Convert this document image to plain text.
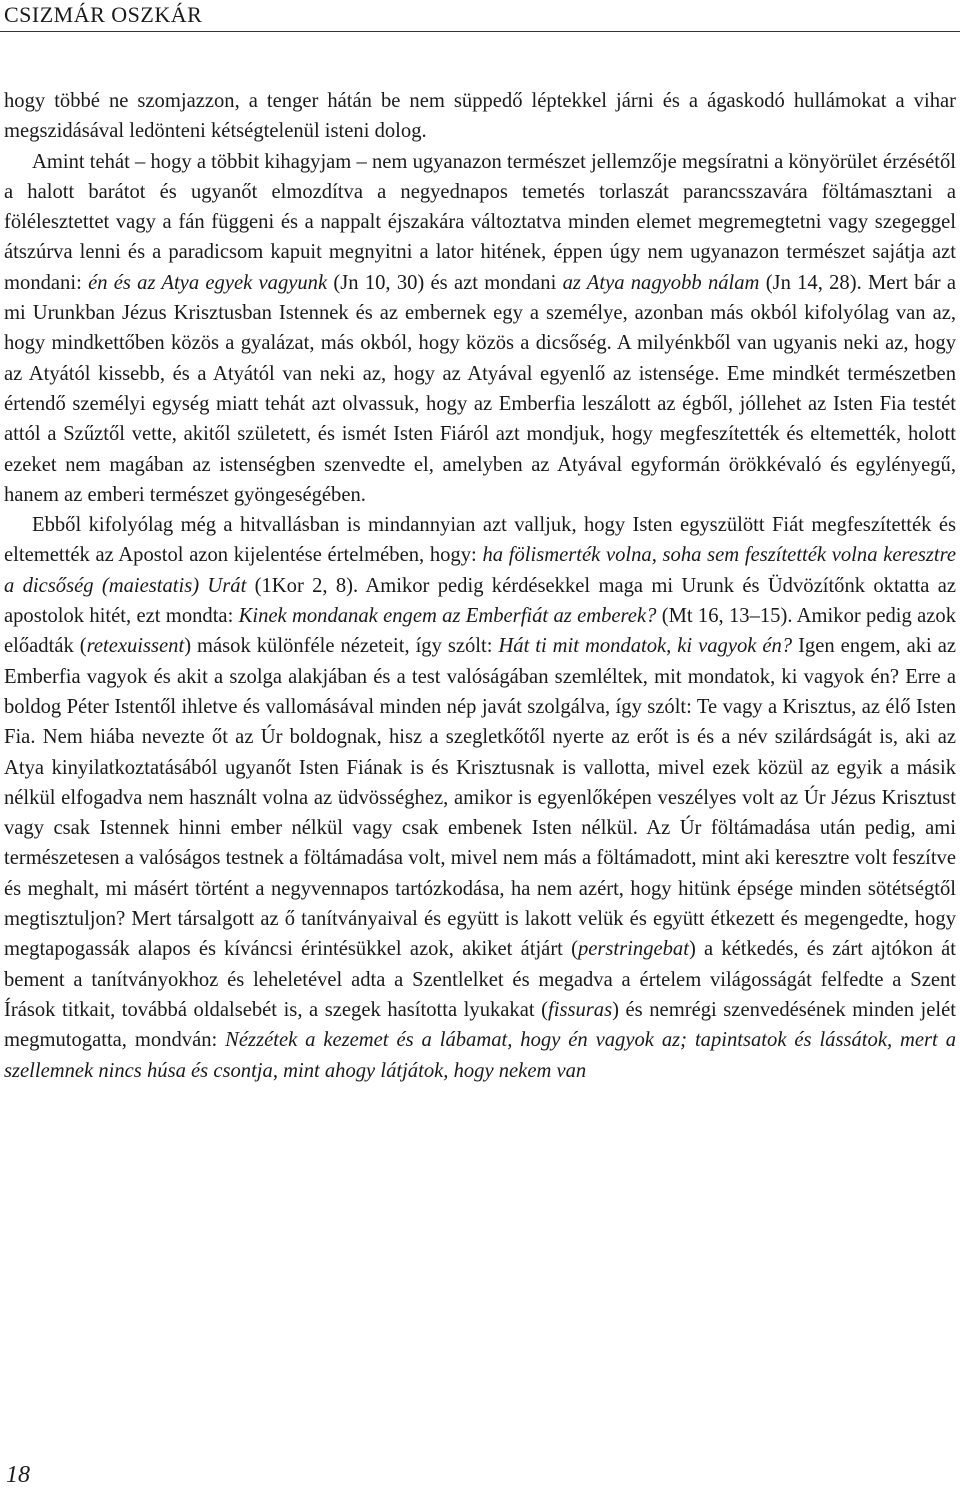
CSIZMÁR OSZKÁR

hogy többé ne szomjazzon, a tenger hátán be nem süppedő léptekkel járni és a ágaskodó hullámokat a vihar megszidásával ledönteni kétségtelenül isteni dolog.

Amint tehát – hogy a többit kihagyjam – nem ugyanazon természet jellemzője megsíratni a könyörület érzésétől a halott barátot és ugyanőt elmozdítva a negyednapos temetés torlaszát parancsszavára föltámasztani a fölélesztettet vagy a fán függeni és a nappalt éjszakára változtatva minden elemet megremegtetni vagy szegeggel átszúrva lenni és a paradicsom kapuit megnyitni a lator hitének, éppen úgy nem ugyanazon természet sajátja azt mondani: én és az Atya egyek vagyunk (Jn 10, 30) és azt mondani az Atya nagyobb nálam (Jn 14, 28). Mert bár a mi Urunkban Jézus Krisztusban Istennek és az embernek egy a személye, azonban más okból kifolyólag van az, hogy mindkettőben közös a gyalázat, más okból, hogy közös a dicsőség. A milyénkből van ugyanis neki az, hogy az Atyától kissebb, és a Atyától van neki az, hogy az Atyával egyenlő az istensége. Eme mindkét természetben értendő személyi egység miatt tehát azt olvassuk, hogy az Emberfia leszálott az égből, jóllehet az Isten Fia testét attól a Szűztől vette, akitől született, és ismét Isten Fiáról azt mondjuk, hogy megfeszítették és eltemették, holott ezeket nem magában az istenségben szenvedte el, amelyben az Atyával egyformán örökkévaló és egylényegű, hanem az emberi természet gyöngeségében.

Ebből kifolyólag még a hitvallásban is mindannyian azt valljuk, hogy Isten egyszülött Fiát megfeszítették és eltemették az Apostol azon kijelentése értelmében, hogy: ha fölismerték volna, soha sem feszítették volna keresztre a dicsőség (maiestatis) Urát (1Kor 2, 8). Amikor pedig kérdésekkel maga mi Urunk és Üdvözítőnk oktatta az apostolok hitét, ezt mondta: Kinek mondanak engem az Emberfiát az emberek? (Mt 16, 13–15). Amikor pedig azok előadták (retexuissent) mások különféle nézeteit, így szólt: Hát ti mit mondatok, ki vagyok én? Igen engem, aki az Emberfia vagyok és akit a szolga alakjában és a test valóságában szemléltek, mit mondatok, ki vagyok én? Erre a boldog Péter Istentől ihletve és vallomásával minden nép javát szolgálva, így szólt: Te vagy a Krisztus, az élő Isten Fia. Nem hiába nevezte őt az Úr boldognak, hisz a szegletkőtől nyerte az erőt is és a név szilárdságát is, aki az Atya kinyilatkoztatásából ugyanőt Isten Fiának is és Krisztusnak is vallotta, mivel ezek közül az egyik a másik nélkül elfogadva nem használt volna az üdvösséghez, amikor is egyenlőképen veszélyes volt az Úr Jézus Krisztust vagy csak Istennek hinni ember nélkül vagy csak embenek Isten nélkül. Az Úr föltámadása után pedig, ami természetesen a valóságos testnek a föltámadása volt, mivel nem más a föltámadott, mint aki keresztre volt feszítve és meghalt, mi másért történt a negyvennapos tartózkodása, ha nem azért, hogy hitünk épsége minden sötétségtől megtisztuljon? Mert társalgott az ő tanítványaival és együtt is lakott velük és együtt étkezett és megengedte, hogy megtapogassák alapos és kíváncsi érintésükkel azok, akiket átjárt (perstringebat) a kétkedés, és zárt ajtókon át bement a tanítványokhoz és leheletével adta a Szentlelket és megadva a értelem világosságát felfedte a Szent Írások titkait, továbbá oldalsebét is, a szegek hasította lyukakat (fissuras) és nemrégi szenvedésének minden jelét megmutogatta, mondván: Nézzétek a kezemet és a lábamat, hogy én vagyok az; tapintsatok és lássátok, mert a szellemnek nincs húsa és csontja, mint ahogy látjátok, hogy nekem van

18
